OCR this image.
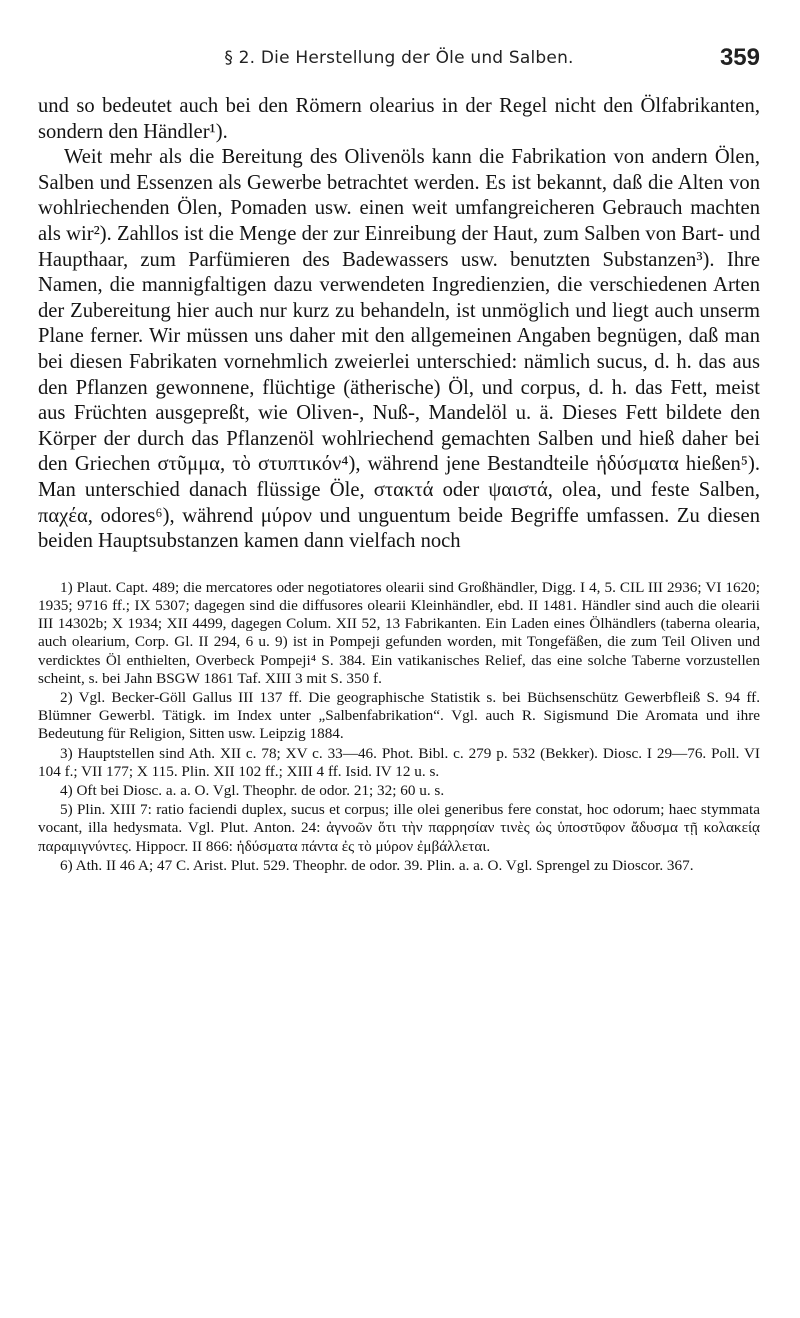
§ 2. Die Herstellung der Öle und Salben.	359

und so bedeutet auch bei den Römern olearius in der Regel nicht den Ölfabrikanten, sondern den Händler¹).

Weit mehr als die Bereitung des Olivenöls kann die Fabrikation von andern Ölen, Salben und Essenzen als Gewerbe betrachtet werden. Es ist bekannt, daß die Alten von wohlriechenden Ölen, Pomaden usw. einen weit umfangreicheren Gebrauch machten als wir²). Zahllos ist die Menge der zur Einreibung der Haut, zum Salben von Bart- und Haupthaar, zum Parfümieren des Badewassers usw. benutzten Substanzen³). Ihre Namen, die mannigfaltigen dazu verwendeten Ingredienzien, die verschiedenen Arten der Zubereitung hier auch nur kurz zu behandeln, ist unmöglich und liegt auch unserm Plane ferner. Wir müssen uns daher mit den allgemeinen Angaben begnügen, daß man bei diesen Fabrikaten vornehmlich zweierlei unterschied: nämlich sucus, d. h. das aus den Pflanzen gewonnene, flüchtige (ätherische) Öl, und corpus, d. h. das Fett, meist aus Früchten ausgepreßt, wie Oliven-, Nuß-, Mandelöl u. ä. Dieses Fett bildete den Körper der durch das Pflanzenöl wohlriechend gemachten Salben und hieß daher bei den Griechen στῦμμα, τὸ στυπτικόν⁴), während jene Bestandteile ἡδύσματα hießen⁵). Man unterschied danach flüssige Öle, στακτά oder ψαιστά, olea, und feste Salben, παχέα, odores⁶), während μύρον und unguentum beide Begriffe umfassen. Zu diesen beiden Hauptsubstanzen kamen dann vielfach noch

1) Plaut. Capt. 489; die mercatores oder negotiatores olearii sind Großhändler, Digg. I 4, 5. CIL III 2936; VI 1620; 1935; 9716 ff.; IX 5307; dagegen sind die diffusores olearii Kleinhändler, ebd. II 1481. Händler sind auch die olearii III 14302b; X 1934; XII 4499, dagegen Colum. XII 52, 13 Fabrikanten. Ein Laden eines Ölhändlers (taberna olearia, auch olearium, Corp. Gl. II 294, 6 u. 9) ist in Pompeji gefunden worden, mit Tongefäßen, die zum Teil Oliven und verdicktes Öl enthielten, Overbeck Pompeji⁴ S. 384. Ein vatikanisches Relief, das eine solche Taberne vorzustellen scheint, s. bei Jahn BSGW 1861 Taf. XIII 3 mit S. 350 f.

2) Vgl. Becker-Göll Gallus III 137 ff. Die geographische Statistik s. bei Büchsenschütz Gewerbfleiß S. 94 ff. Blümner Gewerbl. Tätigk. im Index unter „Salbenfabrikation“. Vgl. auch R. Sigismund Die Aromata und ihre Bedeutung für Religion, Sitten usw. Leipzig 1884.

3) Hauptstellen sind Ath. XII c. 78; XV c. 33—46. Phot. Bibl. c. 279 p. 532 (Bekker). Diosc. I 29—76. Poll. VI 104 f.; VII 177; X 115. Plin. XII 102 ff.; XIII 4 ff. Isid. IV 12 u. s.

4) Oft bei Diosc. a. a. O. Vgl. Theophr. de odor. 21; 32; 60 u. s.

5) Plin. XIII 7: ratio faciendi duplex, sucus et corpus; ille olei generibus fere constat, hoc odorum; haec stymmata vocant, illa hedysmata. Vgl. Plut. Anton. 24: ἀγνοῶν ὅτι τὴν παρρησίαν τινὲς ὡς ὑποστῦφον ἄδυσμα τῇ κολακείᾳ παραμιγνύντες. Hippocr. II 866: ἡδύσματα πάντα ἐς τὸ μύρον ἐμβάλλεται.

6) Ath. II 46 A; 47 C. Arist. Plut. 529. Theophr. de odor. 39. Plin. a. a. O. Vgl. Sprengel zu Dioscor. 367.
